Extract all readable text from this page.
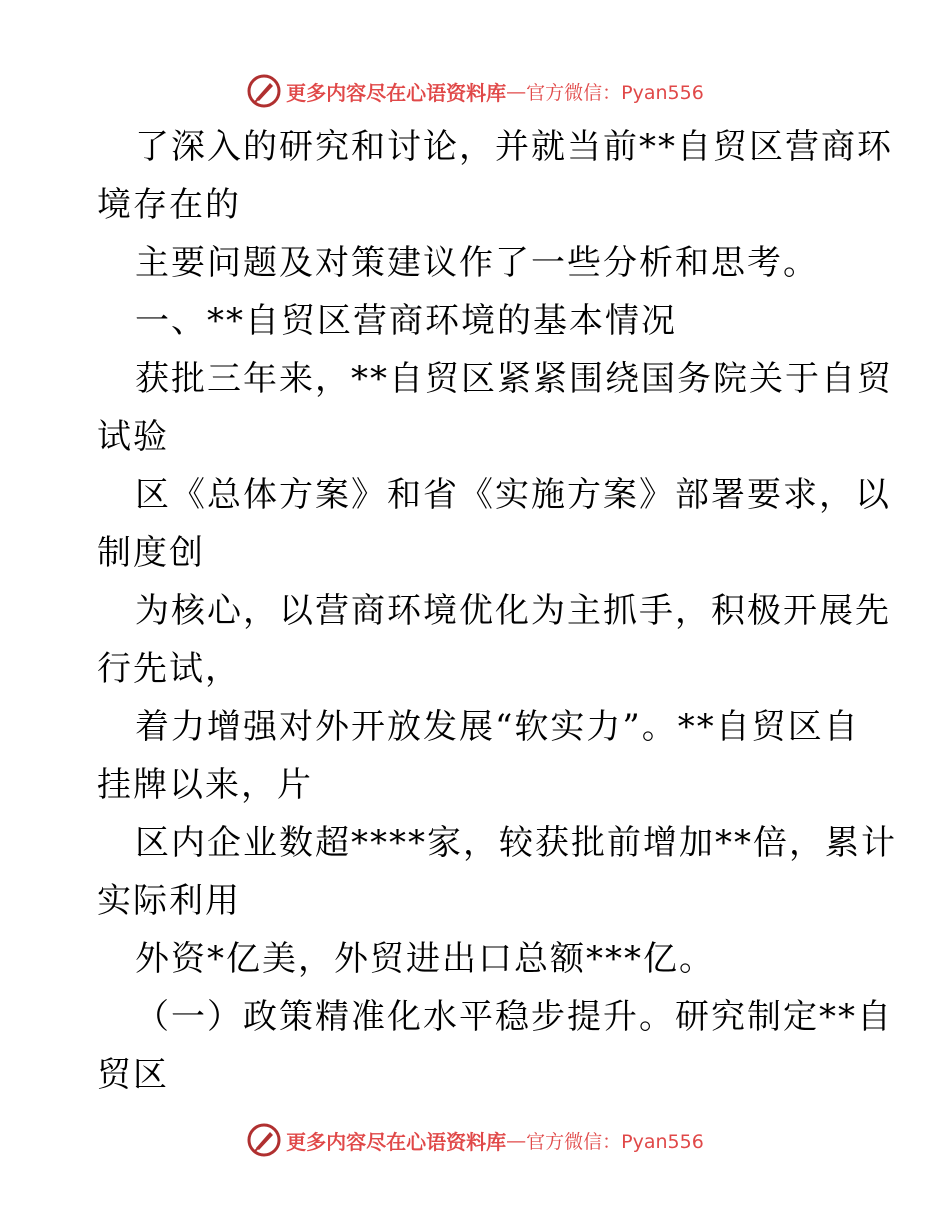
更多内容尽在心语资料库 — 官方微信：Pyan556
了深入的研究和讨论，并就当前**自贸区营商环
境存在的
主要问题及对策建议作了一些分析和思考。
一、**自贸区营商环境的基本情况
获批三年来，**自贸区紧紧围绕国务院关于自贸
试验
区《总体方案》和省《实施方案》部署要求，以
制度创
为核心，以营商环境优化为主抓手，积极开展先
行先试，
着力增强对外开放发展“软实力”。**自贸区自
挂牌以来，片
区内企业数超****家，较获批前增加**倍，累计
实际利用
外资*亿美，外贸进出口总额***亿。
（一）政策精准化水平稳步提升。研究制定**自
贸区
更多内容尽在心语资料库 — 官方微信：Pyan556
